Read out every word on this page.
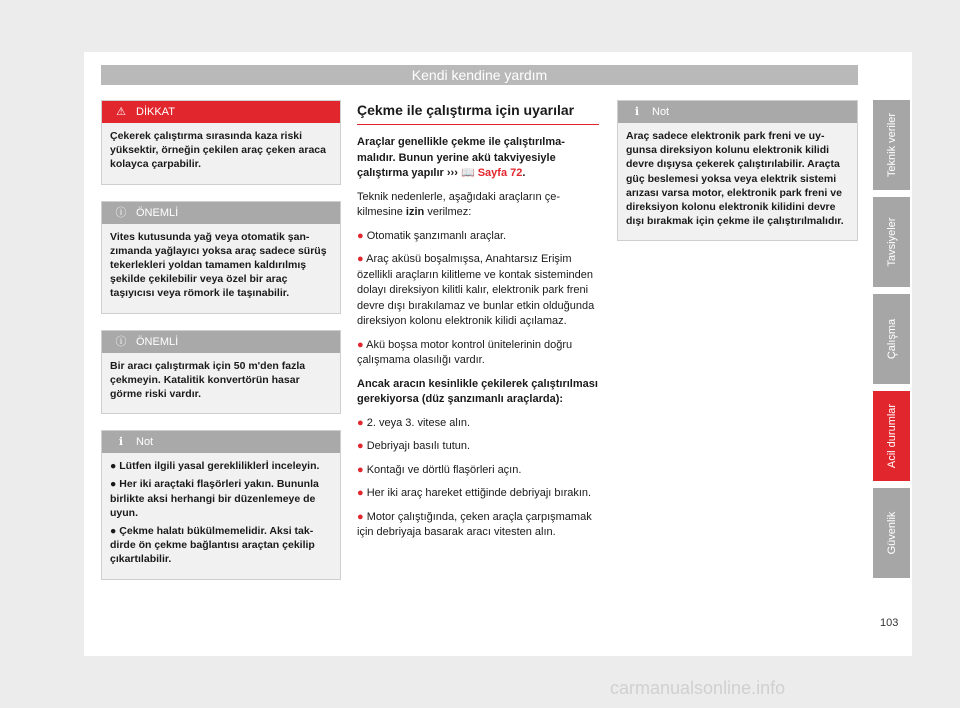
Kendi kendine yardım
⚠ DİKKAT

Çekerek çalıştırma sırasında kaza riski yüksektir, örneğin çekilen araç çeken araca kolayca çarpabilir.

ⓘ ÖNEMLİ

Vites kutusunda yağ veya otomatik şanzımanda yağlayıcı yoksa araç sadece sürüş tekerlekleri yoldan tamamen kaldırılmış şekilde çekilebilir veya özel bir araç taşıyıcısı veya römork ile taşınabilir.

ⓘ ÖNEMLİ

Bir aracı çalıştırmak için 50 m'den fazla çekmeyin. Katalitik konvertörün hasar görme riski vardır.

ℹ Not

● Lütfen ilgili yasal gerekliliklerİ inceleyin.

● Her iki araçtaki flaşörleri yakın. Bununla birlikte aksi herhangi bir düzenlemeye de uyun.

● Çekme halatı bükülmemelidir. Aksi takdirde ön çekme bağlantısı araçtan çekilip çıkartılabilir.

Çekme ile çalıştırma için uyarılar

Araçlar genellikle çekme ile çalıştırılmamalıdır. Bunun yerine akü takviyesiyle çalıştırma yapılır ››› 📖 Sayfa 72.

Teknik nedenlerle, aşağıdaki araçların çekilmesine izin verilmez:

● Otomatik şanzımanlı araçlar.

● Araç aküsü boşalmışsa, Anahtarsız Erişim özellikli araçların kilitleme ve kontak sisteminden dolayı direksiyon kilitli kalır, elektronik park freni devre dışı bırakılamaz ve bunlar etkin olduğunda direksiyon kolonu elektronik kilidi açılamaz.

● Akü boşsa motor kontrol ünitelerinin doğru çalışmama olasılığı vardır.

Ancak aracın kesinlikle çekilerek çalıştırılması gerekiyorsa (düz şanzımanlı araçlarda):

● 2. veya 3. vitese alın.

● Debriyajı basılı tutun.

● Kontağı ve dörtlü flaşörleri açın.

● Her iki araç hareket ettiğinde debriyajı bırakın.

● Motor çalıştığında, çeken araçla çarpışmamak için debriyaja basarak aracı vitesten alın.

ℹ Not

Araç sadece elektronik park freni ve uygunsa direksiyon kolunu elektronik kilidi devre dışıysa çekerek çalıştırılabilir. Araçta güç beslemesi yoksa veya elektrik sistemi arızası varsa motor, elektronik park freni ve direksiyon kolonu elektronik kilidini devre dışı bırakmak için çekme ile çalıştırılmalıdır.

Teknik veriler
Tavsiyeler
Çalışma
Acil durumlar
Güvenlik
103
carmanualsonline.info
